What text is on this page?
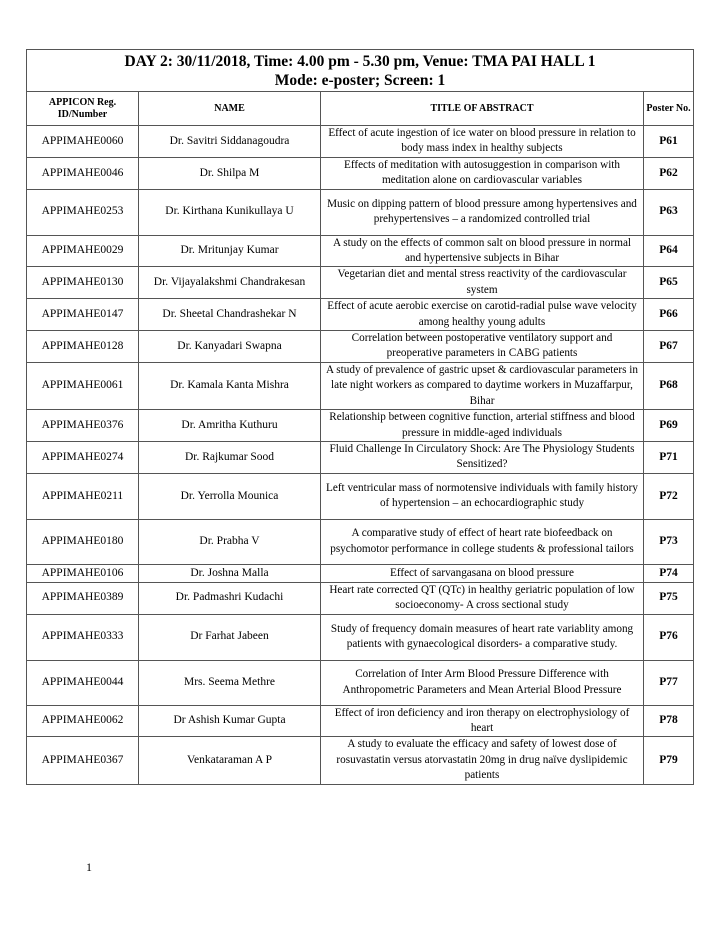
DAY 2: 30/11/2018, Time: 4.00 pm - 5.30 pm, Venue: TMA PAI HALL 1
Mode: e-poster; Screen: 1			

APPICON Reg. ID/Number	NAME	TITLE OF ABSTRACT	Poster No.
APPIMAHE0060	Dr. Savitri Siddanagoudra	Effect of acute ingestion of ice water on blood pressure in relation to body mass index in healthy subjects	P61
APPIMAHE0046	Dr. Shilpa M	Effects of meditation with autosuggestion in comparison with meditation alone on cardiovascular variables	P62
APPIMAHE0253	Dr. Kirthana Kunikullaya U	Music on dipping pattern of blood pressure among hypertensives and prehypertensives – a randomized controlled trial	P63
APPIMAHE0029	Dr. Mritunjay Kumar	A study on the effects of common salt on blood pressure in normal and hypertensive subjects in Bihar	P64
APPIMAHE0130	Dr. Vijayalakshmi Chandrakesan	Vegetarian diet and mental stress reactivity of the cardiovascular system	P65
APPIMAHE0147	Dr. Sheetal Chandrashekar N	Effect of acute aerobic exercise on carotid-radial pulse wave velocity among healthy young adults	P66
APPIMAHE0128	Dr. Kanyadari Swapna	Correlation between postoperative ventilatory support and preoperative parameters in CABG patients	P67
APPIMAHE0061	Dr. Kamala Kanta Mishra	A study of prevalence of gastric upset & cardiovascular parameters in late night workers as compared to daytime workers in Muzaffarpur, Bihar	P68
APPIMAHE0376	Dr. Amritha Kuthuru	Relationship between cognitive function, arterial stiffness and blood pressure in middle-aged individuals	P69
APPIMAHE0274	Dr. Rajkumar Sood	Fluid Challenge In Circulatory Shock: Are The Physiology Students Sensitized?	P71
APPIMAHE0211	Dr. Yerrolla Mounica	Left ventricular mass of normotensive individuals with family history of hypertension – an echocardiographic study	P72
APPIMAHE0180	Dr. Prabha V	A comparative study of effect of heart rate biofeedback on psychomotor performance in college students & professional tailors	P73
APPIMAHE0106	Dr. Joshna Malla	Effect of sarvangasana on blood pressure	P74
APPIMAHE0389	Dr. Padmashri Kudachi	Heart rate corrected QT (QTc) in healthy geriatric population of low socioeconomy- A cross sectional study	P75
APPIMAHE0333	Dr Farhat Jabeen	Study of frequency domain measures of heart rate variablity among patients with gynaecological disorders- a comparative study.	P76
APPIMAHE0044	Mrs. Seema Methre	Correlation of Inter Arm Blood Pressure Difference with Anthropometric Parameters and Mean Arterial Blood Pressure	P77
APPIMAHE0062	Dr Ashish Kumar Gupta	Effect of iron deficiency and iron therapy on electrophysiology of heart	P78
APPIMAHE0367	Venkataraman A P	A study to evaluate the efficacy and safety of lowest dose of rosuvastatin versus atorvastatin 20mg in drug naïve dyslipidemic patients	P79
1
